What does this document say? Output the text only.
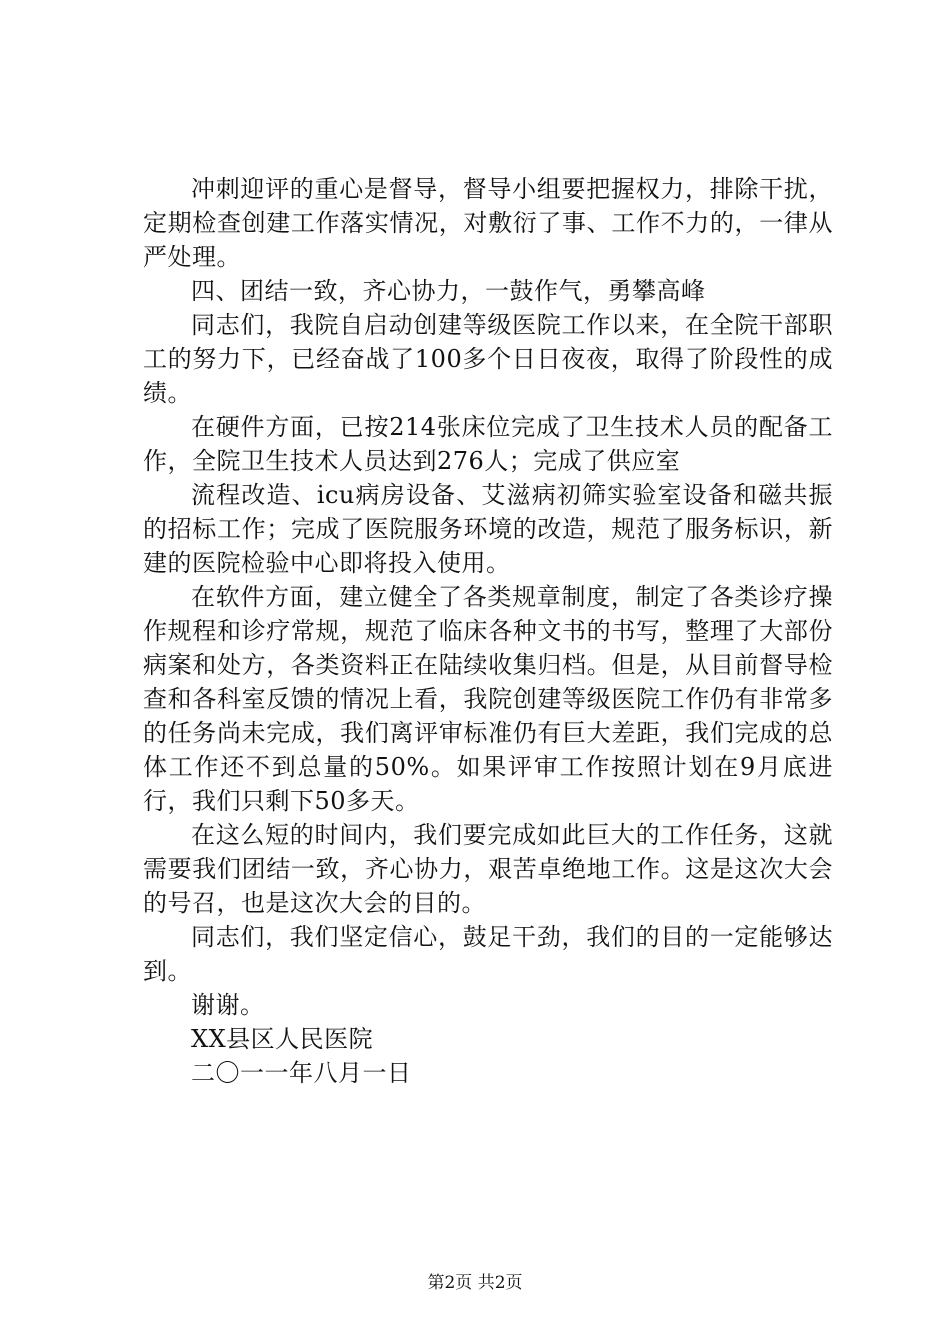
冲刺迎评的重心是督导，督导小组要把握权力，排除干扰，定期检查创建工作落实情况，对敷衍了事、工作不力的，一律从严处理。

四、团结一致，齐心协力，一鼓作气，勇攀高峰

同志们，我院自启动创建等级医院工作以来，在全院干部职工的努力下，已经奋战了100多个日日夜夜，取得了阶段性的成绩。

在硬件方面，已按214张床位完成了卫生技术人员的配备工作，全院卫生技术人员达到276人；完成了供应室

流程改造、icu病房设备、艾滋病初筛实验室设备和磁共振的招标工作；完成了医院服务环境的改造，规范了服务标识，新建的医院检验中心即将投入使用。

在软件方面，建立健全了各类规章制度，制定了各类诊疗操作规程和诊疗常规，规范了临床各种文书的书写，整理了大部份病案和处方，各类资料正在陆续收集归档。但是，从目前督导检查和各科室反馈的情况上看，我院创建等级医院工作仍有非常多的任务尚未完成，我们离评审标准仍有巨大差距，我们完成的总体工作还不到总量的50%。如果评审工作按照计划在9月底进行，我们只剩下50多天。

在这么短的时间内，我们要完成如此巨大的工作任务，这就需要我们团结一致，齐心协力，艰苦卓绝地工作。这是这次大会的号召，也是这次大会的目的。

同志们，我们坚定信心，鼓足干劲，我们的目的一定能够达到。

谢谢。

XX县区人民医院

二〇一一年八月一日

第2页 共2页
